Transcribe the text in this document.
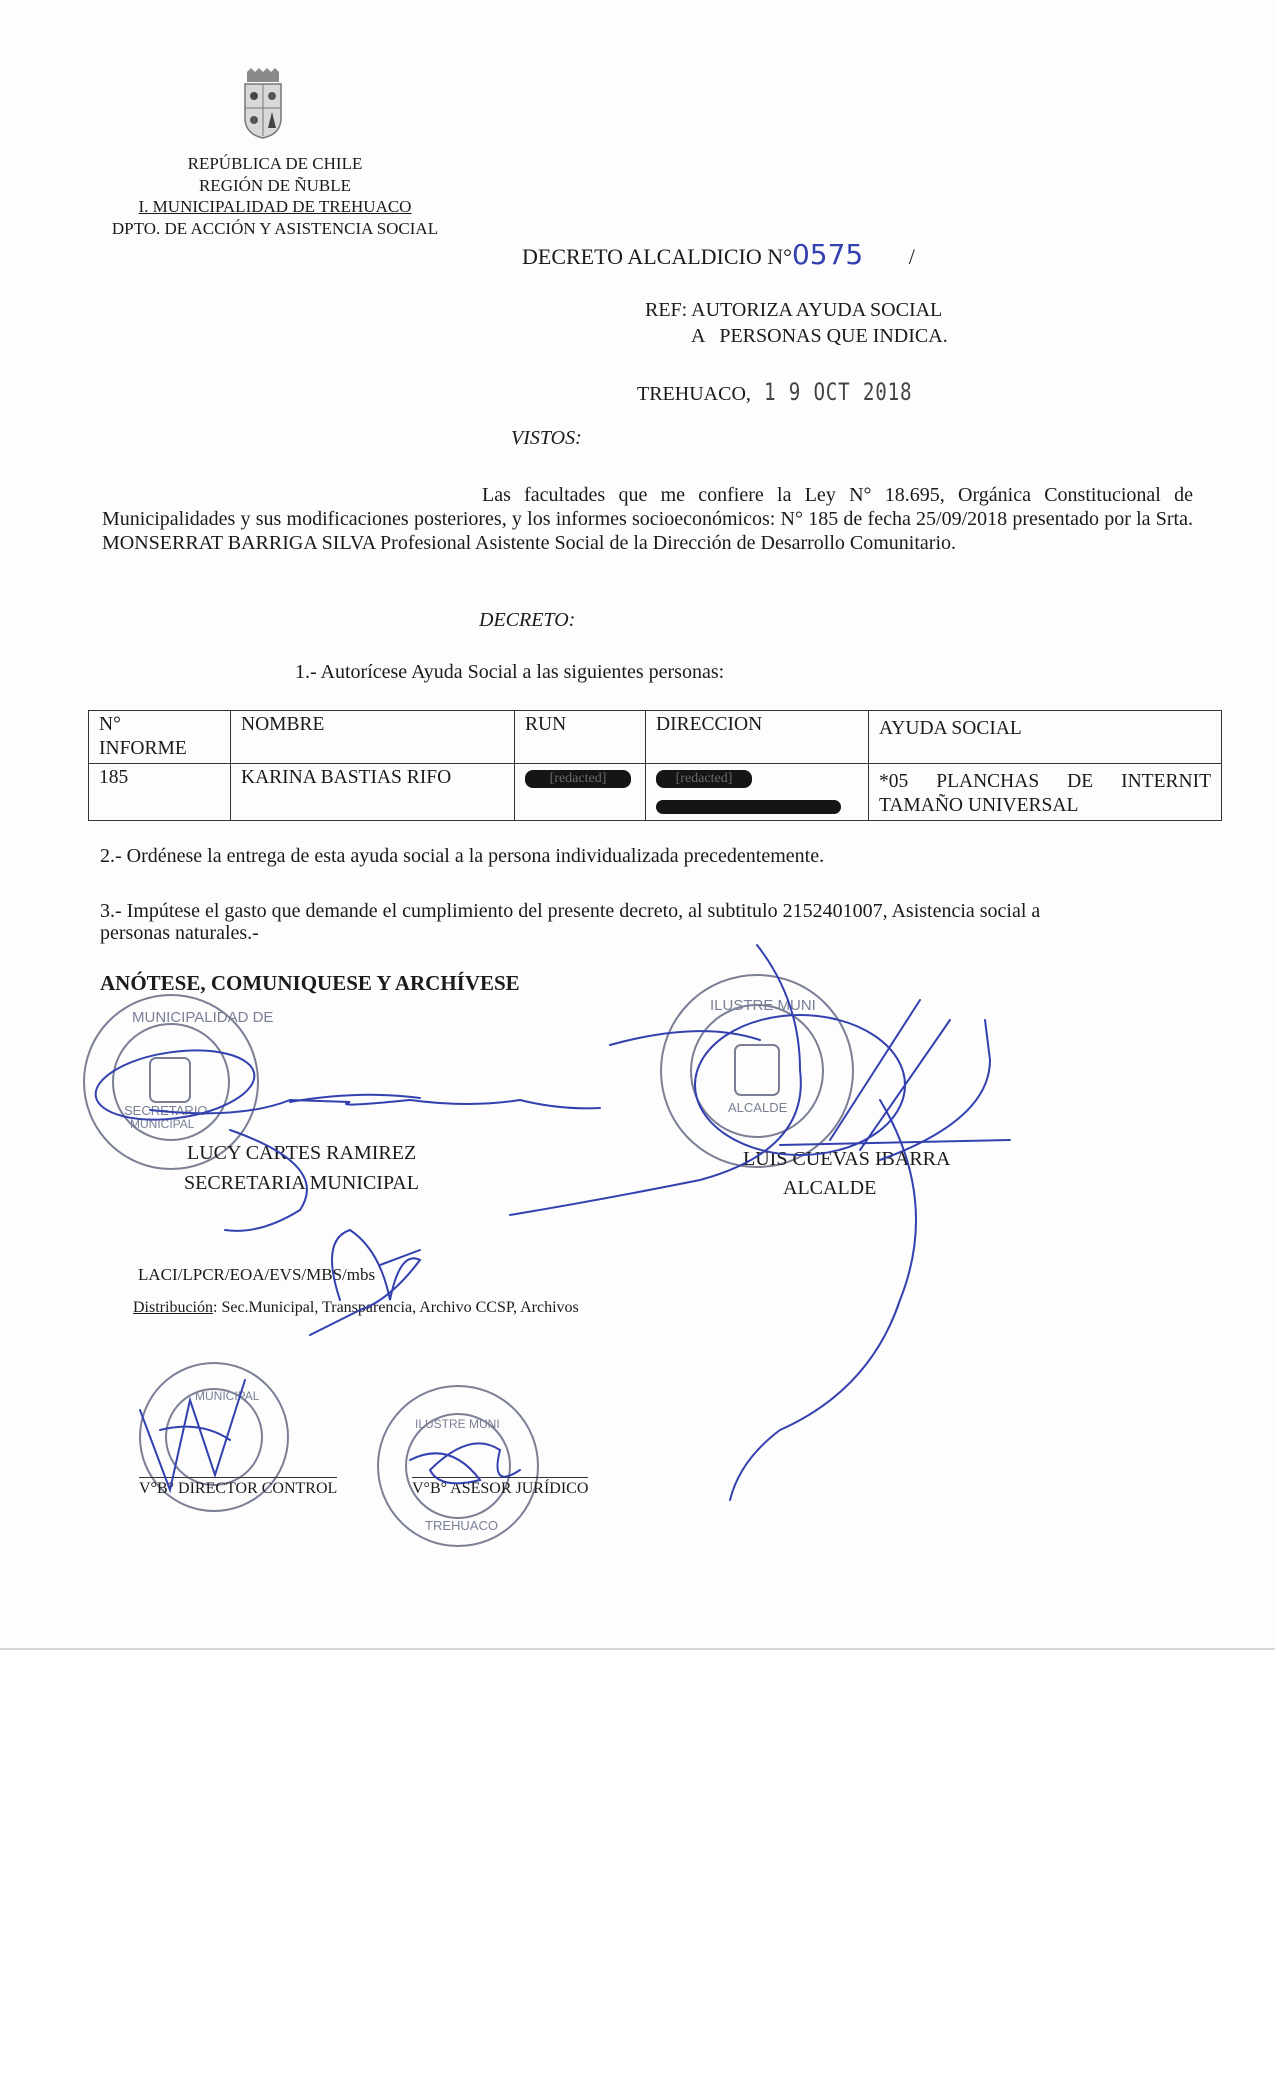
REPÚBLICA DE CHILE
REGIÓN DE ÑUBLE
I. MUNICIPALIDAD DE TREHUACO
DPTO. DE ACCIÓN Y ASISTENCIA SOCIAL
DECRETO ALCALDICIO N°0575 /
REF: AUTORIZA AYUDA SOCIAL
A   PERSONAS QUE INDICA.
TREHUACO, 1 9 OCT 2018
VISTOS:
Las facultades que me confiere la Ley N° 18.695, Orgánica Constitucional de Municipalidades y sus modificaciones posteriores, y los informes socioeconómicos: N° 185 de fecha 25/09/2018 presentado por la Srta. MONSERRAT BARRIGA SILVA Profesional Asistente Social de la Dirección de Desarrollo Comunitario.
DECRETO:
1.- Autorícese Ayuda Social a las siguientes personas:
N°
INFORME	NOMBRE	RUN	DIRECCION	AYUDA SOCIAL
185	KARINA BASTIAS RIFO	[redacted]	[redacted]	*05 PLANCHAS DE INTERNIT
TAMAÑO UNIVERSAL
2.- Ordénese la entrega de esta ayuda social a la persona individualizada precedentemente.
3.- Impútese el gasto que demande el cumplimiento del presente decreto, al subtitulo 2152401007, Asistencia social a
personas naturales.-
ANÓTESE, COMUNIQUESE Y ARCHÍVESE
MUNICIPALIDAD DE
SECRETARIO
MUNICIPAL
ILUSTRE MUNI
ALCALDE
MUNICIPAL
ILUSTRE MUNI
TREHUACO
LUCY CARTES RAMIREZ
SECRETARIA MUNICIPAL
LUIS CUEVAS IBARRA
ALCALDE
LACI/LPCR/EOA/EVS/MBS/mbs
Distribución: Sec.Municipal, Transparencia, Archivo CCSP, Archivos
V°B° DIRECTOR CONTROL	V°B° ASESOR JURÍDICO
